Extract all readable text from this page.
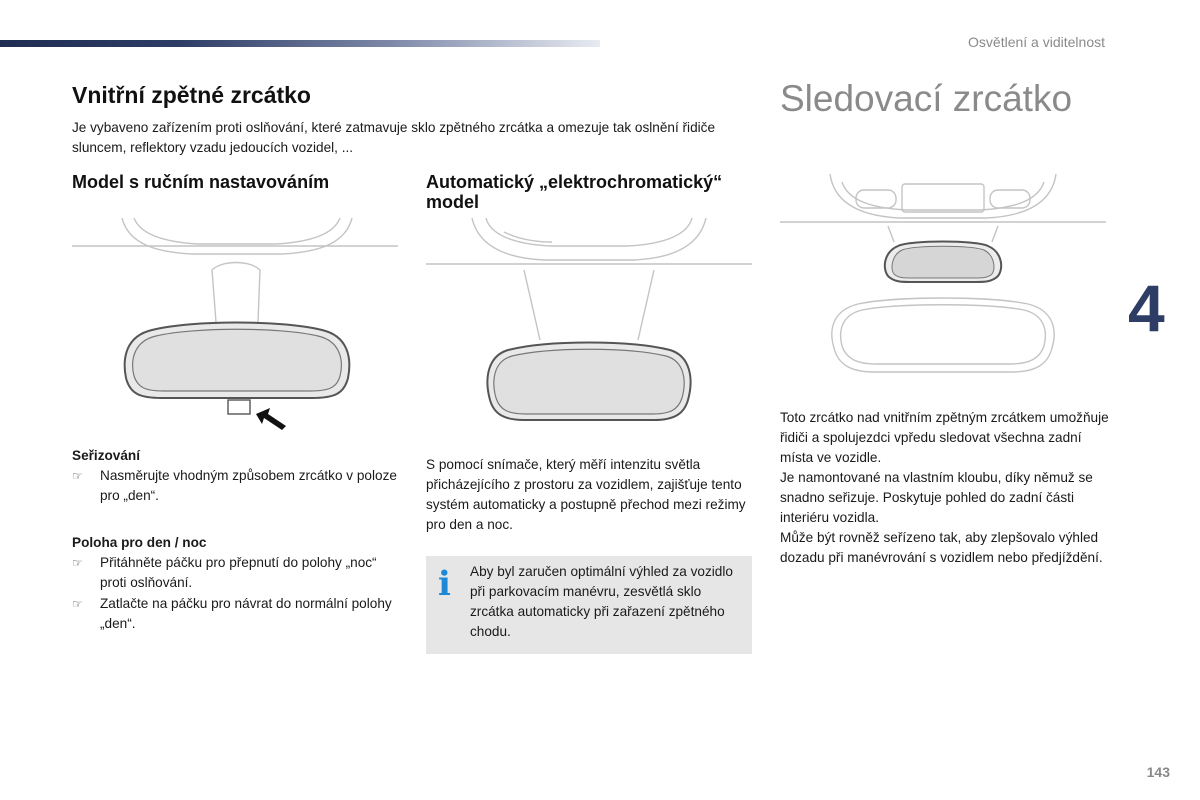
Osvětlení a viditelnost
4
143
Vnitřní zpětné zrcátko

Je vybaveno zařízením proti oslňování, které zatmavuje sklo zpětného zrcátka a omezuje tak oslnění řidiče sluncem, reflektory vzadu jedoucích vozidel, ...

Model s ručním nastavováním	Automatický „elektrochromatický“ model
Seřizování
☞ Nasměrujte vhodným způsobem zrcátko v poloze pro „den“.
Poloha pro den / noc
☞ Přitáhněte páčku pro přepnutí do polohy „noc“ proti oslňování.
☞ Zatlačte na páčku pro návrat do normální polohy „den“.

S pomocí snímače, který měří intenzitu světla přicházejícího z prostoru za vozidlem, zajišťuje tento systém automaticky a postupně přechod mezi režimy pro den a noc.

i Aby byl zaručen optimální výhled za vozidlo při parkovacím manévru, zesvětlá sklo zrcátka automaticky při zařazení zpětného chodu.
Sledovací zrcátko

Toto zrcátko nad vnitřním zpětným zrcátkem umožňuje řidiči a spolujezdci vpředu sledovat všechna zadní místa ve vozidle.

Je namontované na vlastním kloubu, díky němuž se snadno seřizuje. Poskytuje pohled do zadní části interiéru vozidla.

Může být rovněž seřízeno tak, aby zlepšovalo výhled dozadu při manévrování s vozidlem nebo předjíždění.
